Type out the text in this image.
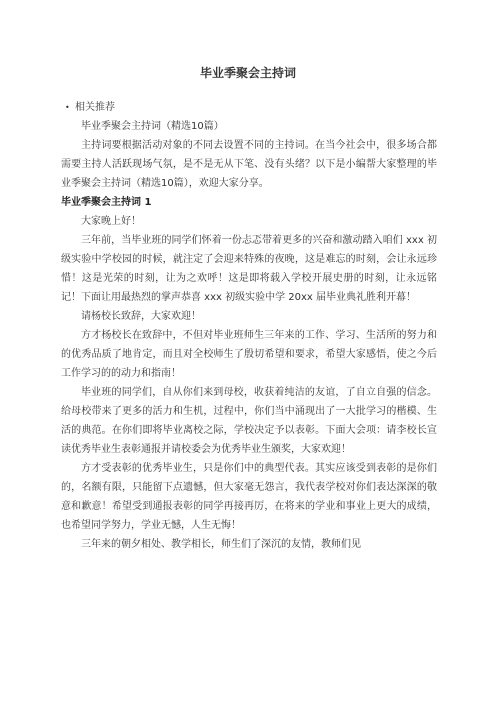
毕业季聚会主持词
• 相关推荐
毕业季聚会主持词（精选10篇）

主持词要根据活动对象的不同去设置不同的主持词。在当今社会中，很多场合都需要主持人活跃现场气氛，是不是无从下笔、没有头绪？以下是小编帮大家整理的毕业季聚会主持词（精选10篇），欢迎大家分享。

毕业季聚会主持词 1

大家晚上好！

三年前，当毕业班的同学们怀着一份忐忑带着更多的兴奋和激动踏入咱们 xxx 初级实验中学校园的时候，就注定了会迎来特殊的夜晚，这是难忘的时刻，会让永远珍惜！这是光荣的时刻，让为之欢呼！这是即将载入学校开展史册的时刻，让永远铭记！下面让用最热烈的掌声恭喜 xxx 初级实验中学 20xx 届毕业典礼胜利开幕！

请杨校长致辞，大家欢迎！

方才杨校长在致辞中，不但对毕业班师生三年来的工作、学习、生活所的努力和的优秀品质了地肯定，而且对全校师生了殷切希望和要求，希望大家感悟，使之今后工作学习的的动力和指南！

毕业班的同学们，自从你们来到母校，收获着纯洁的友谊，了自立自强的信念。给母校带来了更多的活力和生机，过程中，你们当中涌现出了一大批学习的楷模、生活的典范。在你们即将毕业离校之际，学校决定予以表彰。下面大会项：请李校长宣读优秀毕业生表彰通报并请校委会为优秀毕业生颁奖，大家欢迎！

方才受表彰的优秀毕业生，只是你们中的典型代表。其实应该受到表彰的是你们的，名额有限，只能留下点遗憾，但大家毫无怨言，我代表学校对你们表达深深的敬意和歉意！希望受到通报表彰的同学再接再厉，在将来的学业和事业上更大的成绩，也希望同学努力，学业无憾，人生无悔！

三年来的朝夕相处、教学相长，师生们了深沉的友情，教师们见
